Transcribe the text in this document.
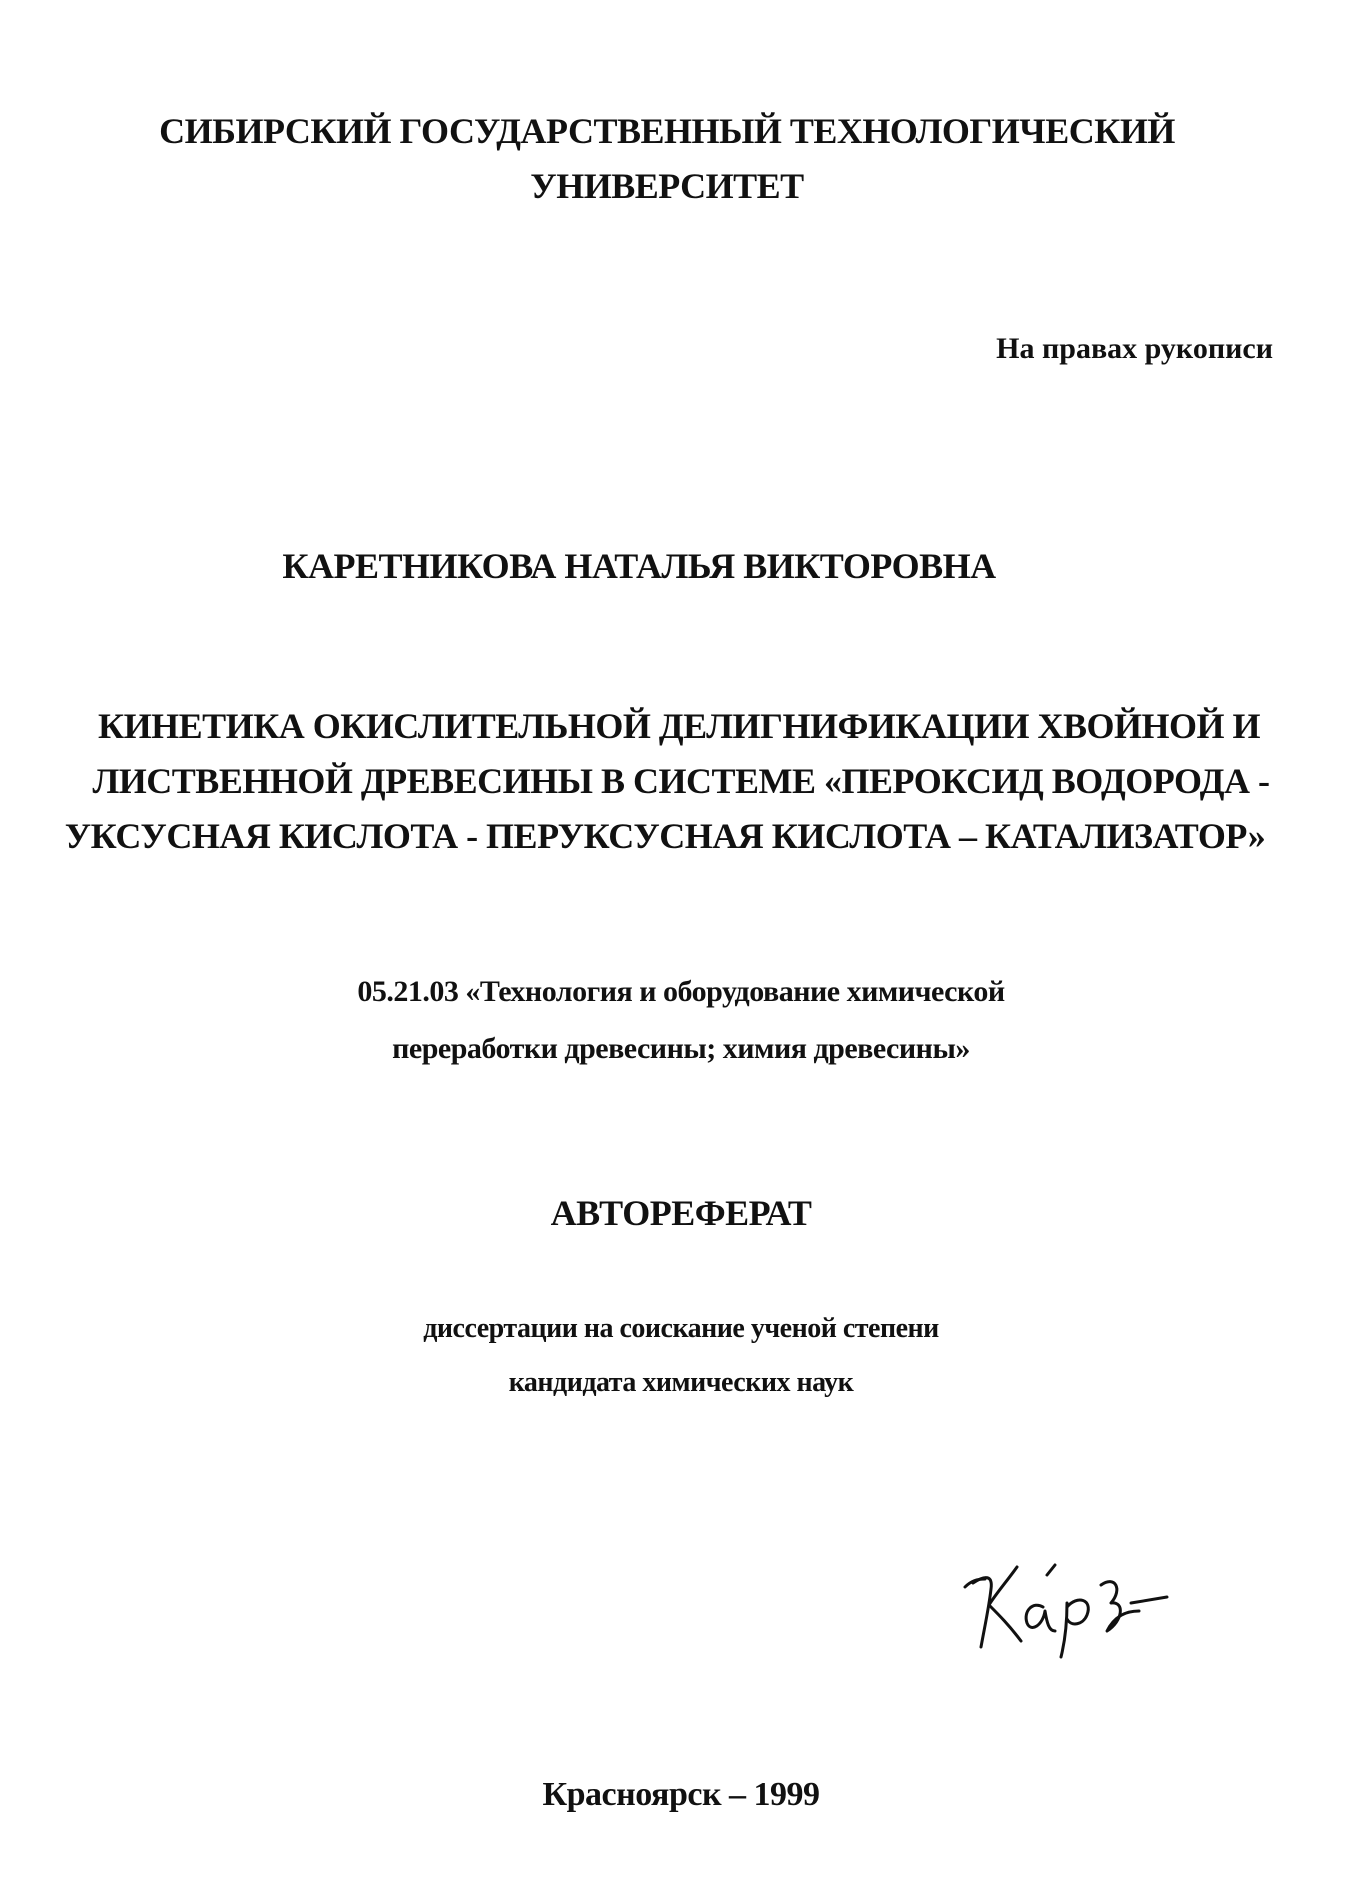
СИБИРСКИЙ ГОСУДАРСТВЕННЫЙ ТЕХНОЛОГИЧЕСКИЙ
УНИВЕРСИТЕТ
На правах рукописи
КАРЕТНИКОВА НАТАЛЬЯ ВИКТОРОВНА
КИНЕТИКА ОКИСЛИТЕЛЬНОЙ ДЕЛИГНИФИКАЦИИ ХВОЙНОЙ И
ЛИСТВЕННОЙ ДРЕВЕСИНЫ В СИСТЕМЕ «ПЕРОКСИД ВОДОРОДА -
УКСУСНАЯ КИСЛОТА - ПЕРУКСУСНАЯ КИСЛОТА – КАТАЛИЗАТОР»
05.21.03 «Технология и оборудование химической
переработки древесины; химия древесины»
АВТОРЕФЕРАТ
диссертации на соискание ученой степени
кандидата химических наук
Красноярск – 1999
